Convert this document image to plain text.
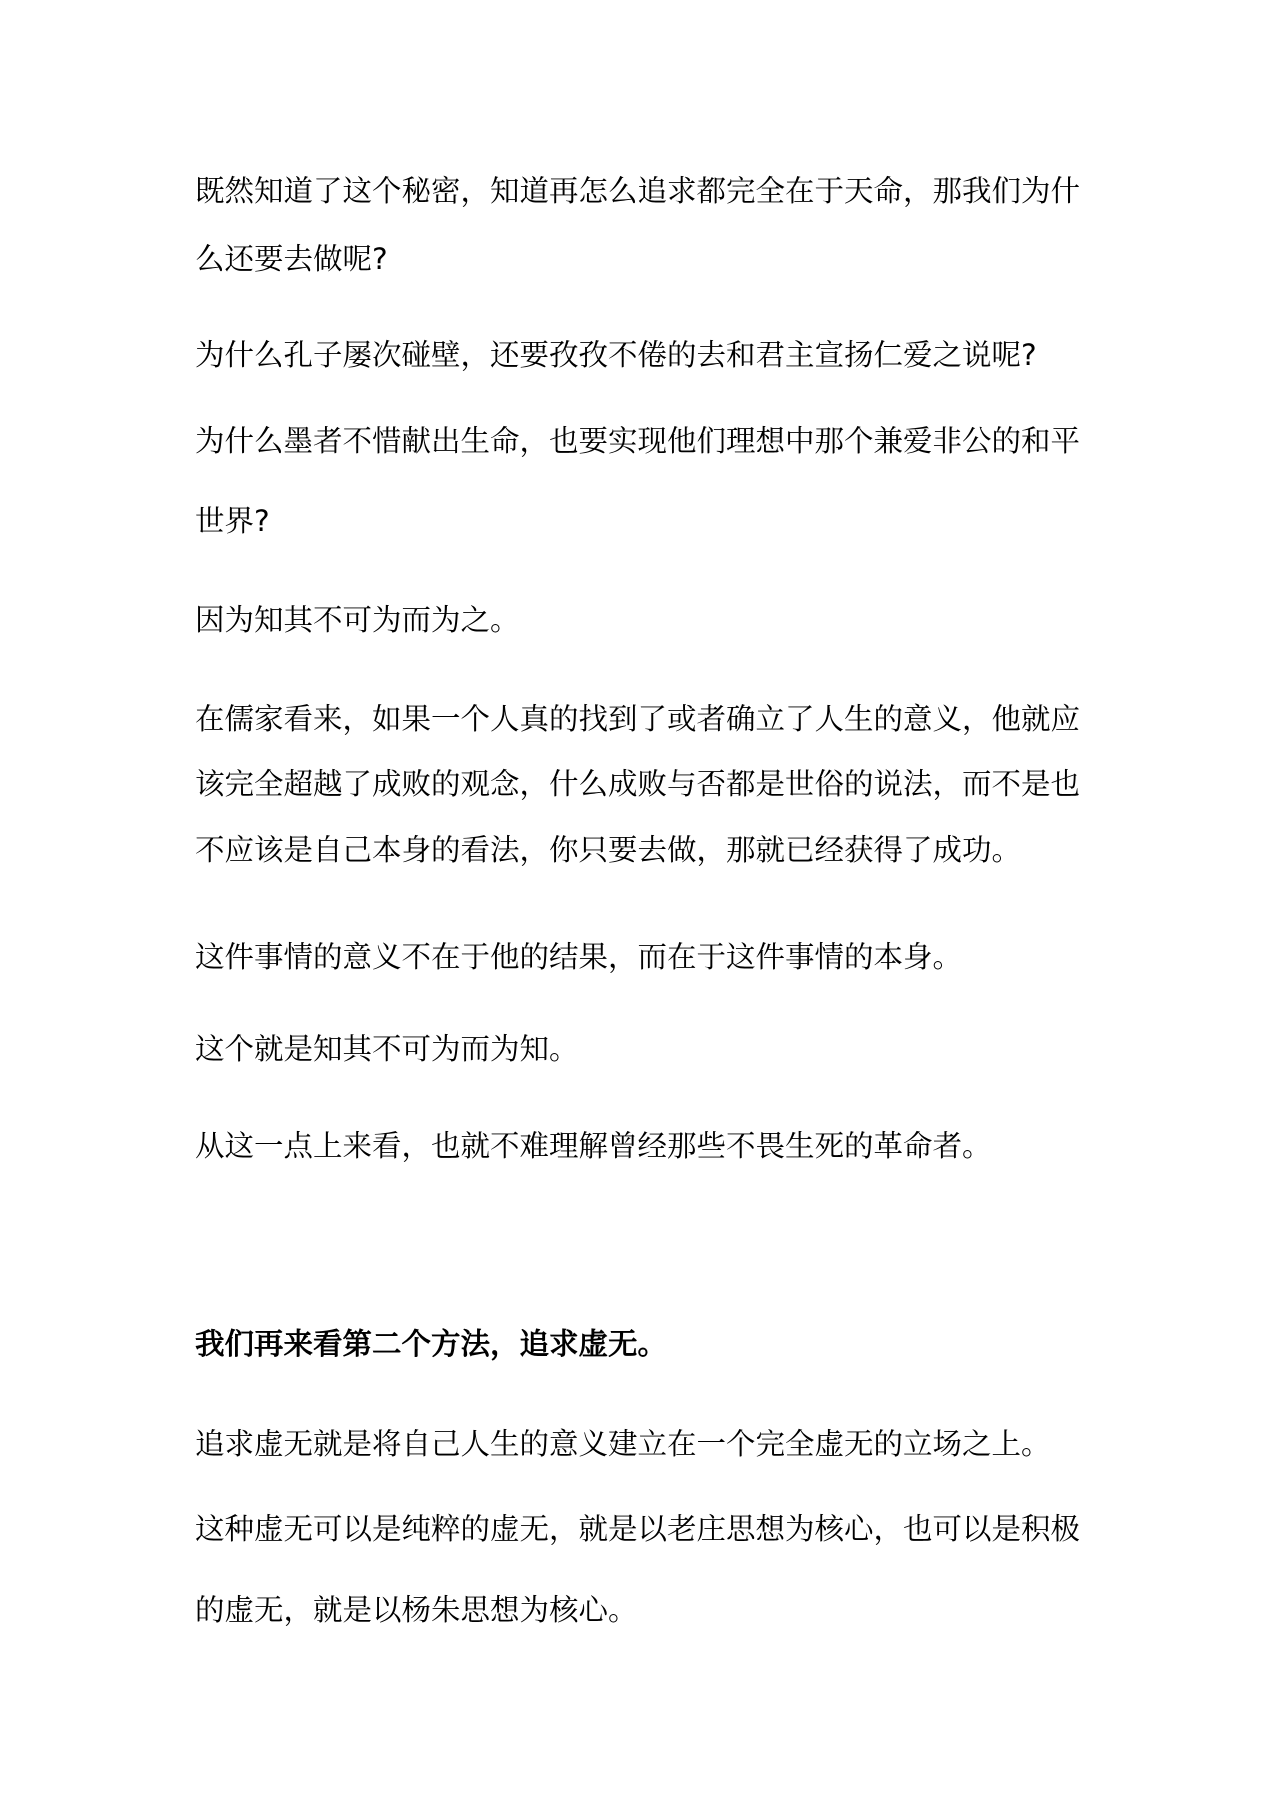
既然知道了这个秘密，知道再怎么追求都完全在于天命，那我们为什

么还要去做呢?

为什么孔子屡次碰壁，还要孜孜不倦的去和君主宣扬仁爱之说呢?

为什么墨者不惜献出生命，也要实现他们理想中那个兼爱非公的和平

世界?

因为知其不可为而为之。

在儒家看来，如果一个人真的找到了或者确立了人生的意义，他就应

该完全超越了成败的观念，什么成败与否都是世俗的说法，而不是也

不应该是自己本身的看法，你只要去做，那就已经获得了成功。

这件事情的意义不在于他的结果，而在于这件事情的本身。

这个就是知其不可为而为知。

从这一点上来看，也就不难理解曾经那些不畏生死的革命者。

我们再来看第二个方法，追求虚无。

追求虚无就是将自己人生的意义建立在一个完全虚无的立场之上。

这种虚无可以是纯粹的虚无，就是以老庄思想为核心，也可以是积极

的虚无，就是以杨朱思想为核心。
